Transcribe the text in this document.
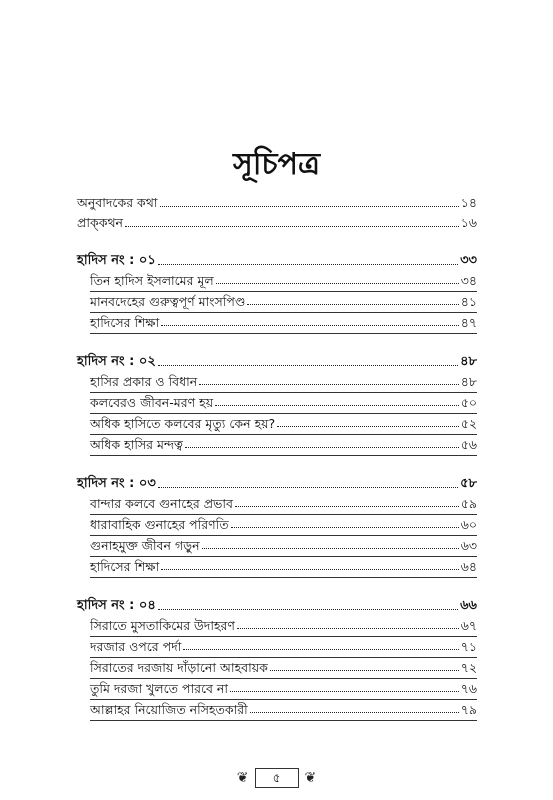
সূচিপত্র
অনুবাদকের কথা	১৪
প্রাক্‌কথন	১৬
হাদিস নং : ০১	৩৩
তিন হাদিস ইসলামের মূল	৩৪
মানবদেহের গুরুত্বপূর্ণ মাংসপিণ্ড	৪১
হাদিসের শিক্ষা	৪৭
হাদিস নং : ০২	৪৮
হাসির প্রকার ও বিধান	৪৮
কলবেরও জীবন-মরণ হয়	৫০
অধিক হাসিতে কলবের মৃত্যু কেন হয়?	৫২
অধিক হাসির মন্দত্ব	৫৬
হাদিস নং : ০৩	৫৮
বান্দার কলবে গুনাহের প্রভাব	৫৯
ধারাবাহিক গুনাহের পরিণতি	৬০
গুনাহমুক্ত জীবন গড়ুন	৬৩
হাদিসের শিক্ষা	৬৪
হাদিস নং : ০৪	৬৬
সিরাতে মুসতাকিমের উদাহরণ	৬৭
দরজার ওপরে পর্দা	৭১
সিরাতের দরজায় দাঁড়ানো আহবায়ক	৭২
তুমি দরজা খুলতে পারবে না	৭৬
আল্লাহর নিয়োজিত নসিহতকারী	৭৯
❦	৫	❦
